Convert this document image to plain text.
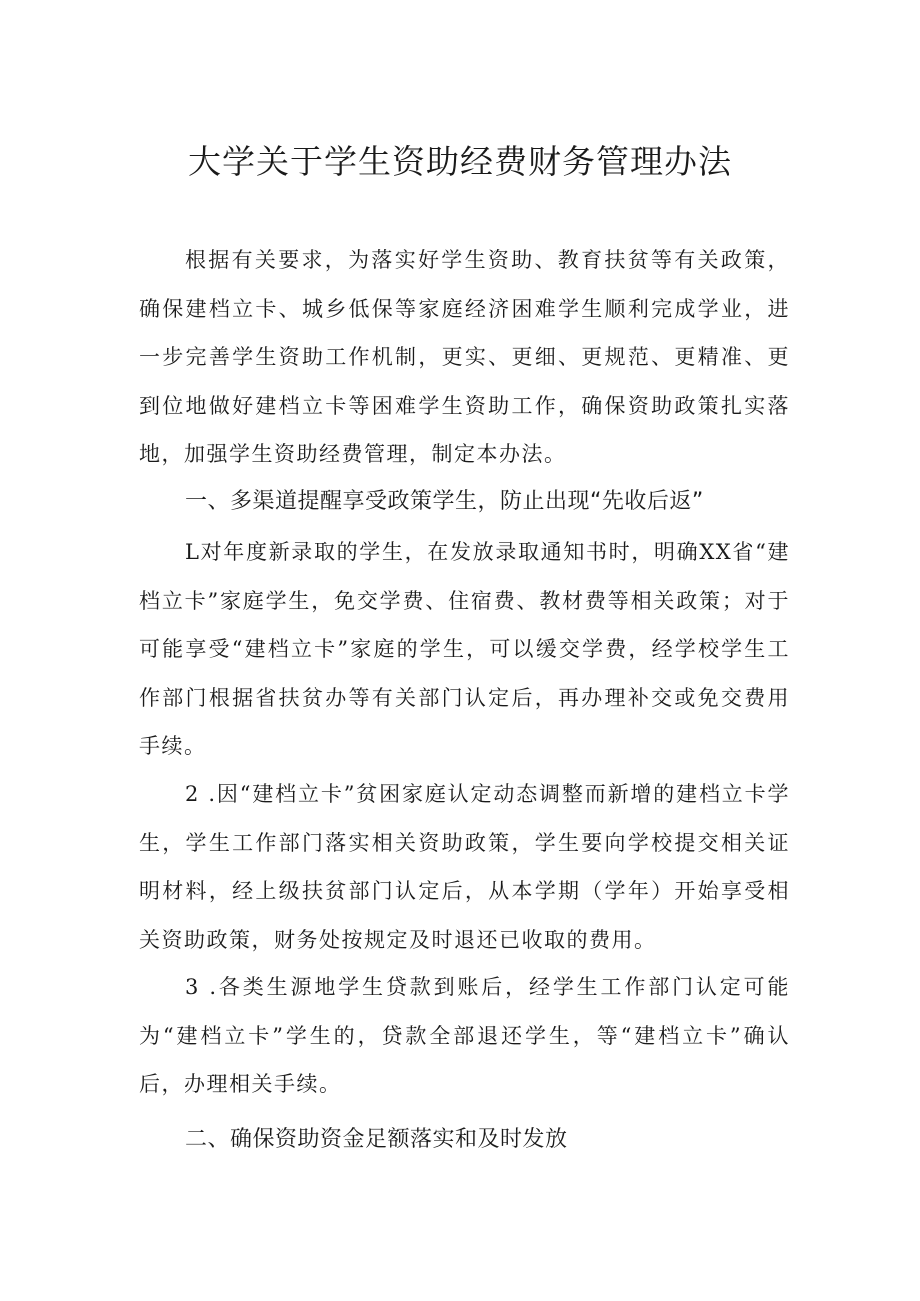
大学关于学生资助经费财务管理办法

根据有关要求，为落实好学生资助、教育扶贫等有关政策，确保建档立卡、城乡低保等家庭经济困难学生顺利完成学业，进一步完善学生资助工作机制，更实、更细、更规范、更精准、更到位地做好建档立卡等困难学生资助工作，确保资助政策扎实落地，加强学生资助经费管理，制定本办法。

一、多渠道提醒享受政策学生，防止出现“先收后返”

L对年度新录取的学生，在发放录取通知书时，明确XX省“建档立卡”家庭学生，免交学费、住宿费、教材费等相关政策；对于可能享受“建档立卡”家庭的学生，可以缓交学费，经学校学生工作部门根据省扶贫办等有关部门认定后，再办理补交或免交费用手续。

2 .因“建档立卡”贫困家庭认定动态调整而新增的建档立卡学生，学生工作部门落实相关资助政策，学生要向学校提交相关证明材料，经上级扶贫部门认定后，从本学期（学年）开始享受相关资助政策，财务处按规定及时退还已收取的费用。

3 .各类生源地学生贷款到账后，经学生工作部门认定可能为“建档立卡”学生的，贷款全部退还学生，等“建档立卡”确认后，办理相关手续。

二、确保资助资金足额落实和及时发放
